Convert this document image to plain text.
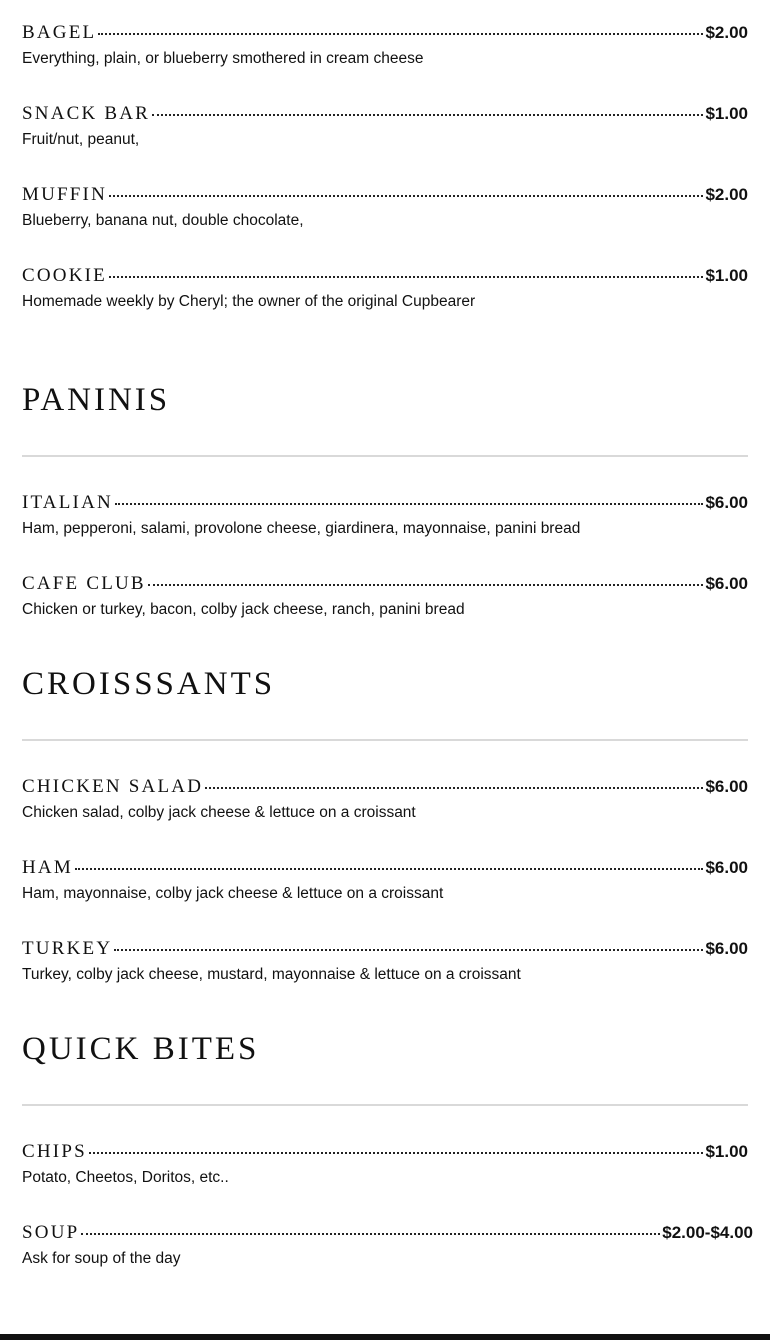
BAGEL	$2.00
Everything, plain, or blueberry smothered in cream cheese
SNACK BAR	$1.00
Fruit/nut, peanut,
MUFFIN	$2.00
Blueberry, banana nut, double chocolate,
COOKIE	$1.00
Homemade weekly by Cheryl; the owner of the original Cupbearer
PANINIS
ITALIAN	$6.00
Ham, pepperoni, salami, provolone cheese, giardinera, mayonnaise, panini bread
CAFE CLUB	$6.00
Chicken or turkey, bacon, colby jack cheese, ranch, panini bread
CROISSSANTS
CHICKEN SALAD	$6.00
Chicken salad, colby jack cheese & lettuce on a croissant
HAM	$6.00
Ham, mayonnaise, colby jack cheese & lettuce on a croissant
TURKEY	$6.00
Turkey, colby jack cheese, mustard, mayonnaise & lettuce on a croissant
QUICK BITES
CHIPS	$1.00
Potato, Cheetos, Doritos, etc..
SOUP	$2.00-$4.00
Ask for soup of the day
